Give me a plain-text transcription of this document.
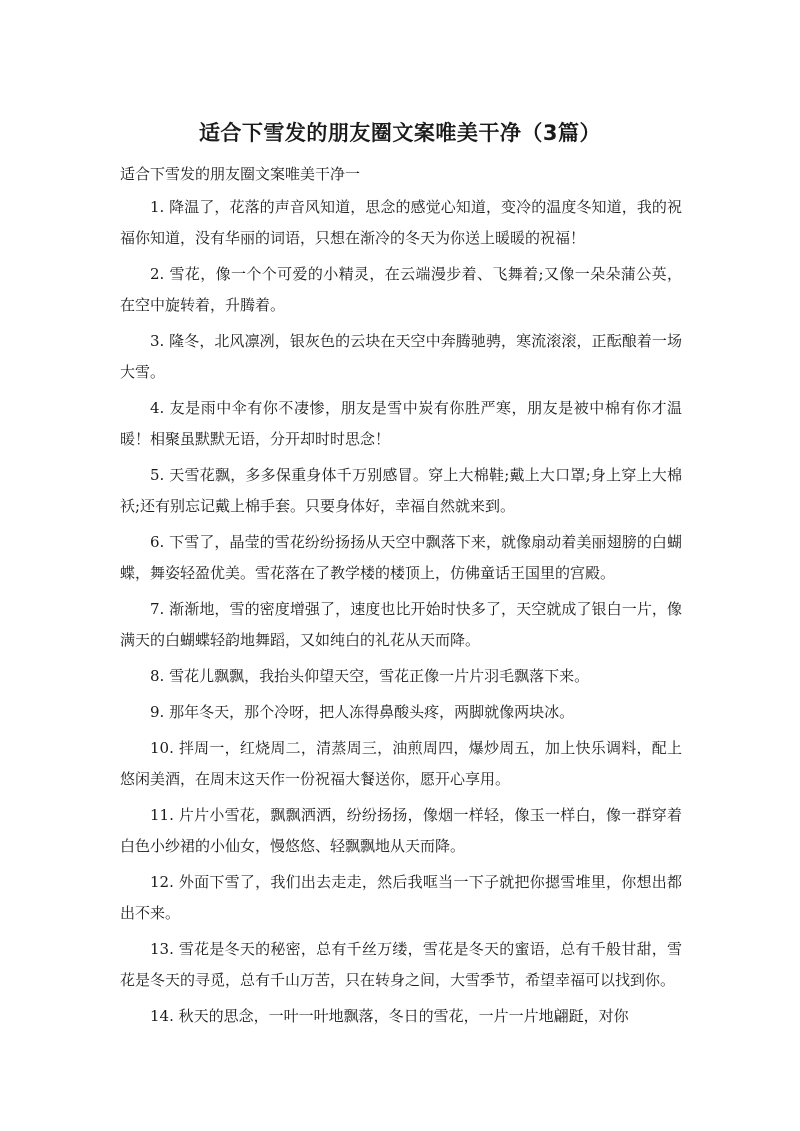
适合下雪发的朋友圈文案唯美干净（3篇）
适合下雪发的朋友圈文案唯美干净一

1. 降温了，花落的声音风知道，思念的感觉心知道，变冷的温度冬知道，我的祝福你知道，没有华丽的词语，只想在渐冷的冬天为你送上暖暖的祝福！

2. 雪花，像一个个可爱的小精灵，在云端漫步着、飞舞着;又像一朵朵蒲公英，在空中旋转着，升腾着。

3. 隆冬，北风凛冽，银灰色的云块在天空中奔腾驰骋，寒流滚滚，正酝酿着一场大雪。

4. 友是雨中伞有你不凄惨，朋友是雪中炭有你胜严寒，朋友是被中棉有你才温暖！相聚虽默默无语，分开却时时思念！

5. 天雪花飘，多多保重身体千万别感冒。穿上大棉鞋;戴上大口罩;身上穿上大棉袄;还有别忘记戴上棉手套。只要身体好，幸福自然就来到。

6. 下雪了，晶莹的雪花纷纷扬扬从天空中飘落下来，就像扇动着美丽翅膀的白蝴蝶，舞姿轻盈优美。雪花落在了教学楼的楼顶上，仿佛童话王国里的宫殿。

7. 渐渐地，雪的密度增强了，速度也比开始时快多了，天空就成了银白一片，像满天的白蝴蝶轻韵地舞蹈，又如纯白的礼花从天而降。

8. 雪花儿飘飘，我抬头仰望天空，雪花正像一片片羽毛飘落下来。

9. 那年冬天，那个冷呀，把人冻得鼻酸头疼，两脚就像两块冰。

10. 拌周一，红烧周二，清蒸周三，油煎周四，爆炒周五，加上快乐调料，配上悠闲美酒，在周末这天作一份祝福大餐送你，愿开心享用。

11. 片片小雪花，飘飘洒洒，纷纷扬扬，像烟一样轻，像玉一样白，像一群穿着白色小纱裙的小仙女，慢悠悠、轻飘飘地从天而降。

12. 外面下雪了，我们出去走走，然后我哐当一下子就把你摁雪堆里，你想出都出不来。

13. 雪花是冬天的秘密，总有千丝万缕，雪花是冬天的蜜语，总有千般甘甜，雪花是冬天的寻觅，总有千山万苦，只在转身之间，大雪季节，希望幸福可以找到你。

14. 秋天的思念，一叶一叶地飘落，冬日的雪花，一片一片地翩跹，对你
